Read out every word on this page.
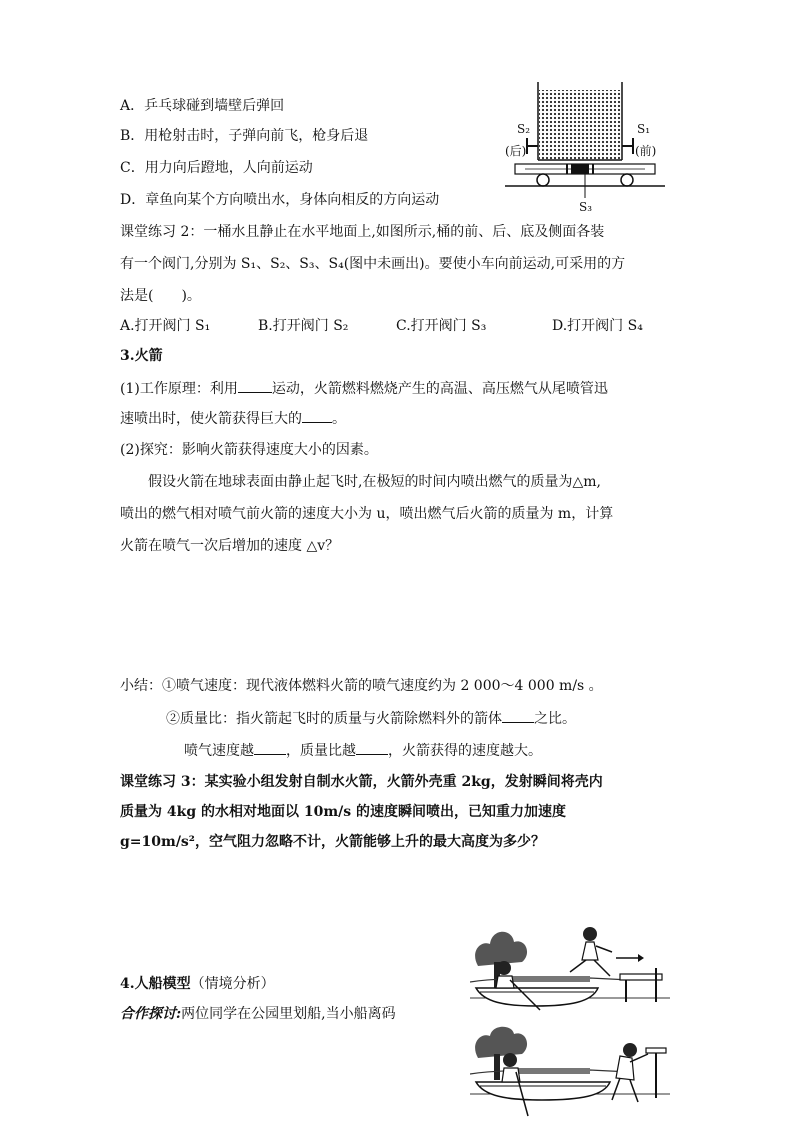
A．乒乓球碰到墙壁后弹回
B．用枪射击时，子弹向前飞，枪身后退
C．用力向后蹬地，人向前运动
D．章鱼向某个方向喷出水，身体向相反的方向运动
S₂
(后)
S₁
(前)
S₃
课堂练习 2：一桶水且静止在水平地面上,如图所示,桶的前、后、底及侧面各装
有一个阀门,分别为 S₁、S₂、S₃、S₄(图中未画出)。要使小车向前运动,可采用的方
法是(　　)。
A.打开阀门 S₁	B.打开阀门 S₂	C.打开阀门 S₃	D.打开阀门 S₄
3.火箭
(1)工作原理：利用 运动，火箭燃料燃烧产生的高温、高压燃气从尾喷管迅
速喷出时，使火箭获得巨大的 。
(2)探究：影响火箭获得速度大小的因素。
假设火箭在地球表面由静止起飞时,在极短的时间内喷出燃气的质量为△m,
喷出的燃气相对喷气前火箭的速度大小为 u，喷出燃气后火箭的质量为 m，计算
火箭在喷气一次后增加的速度 △v？
小结：①喷气速度：现代液体燃料火箭的喷气速度约为 2 000～4 000 m/s 。
②质量比：指火箭起飞时的质量与火箭除燃料外的箭体 之比。
喷气速度越 ，质量比越 ，火箭获得的速度越大。
课堂练习 3：某实验小组发射自制水火箭，火箭外壳重 2kg，发射瞬间将壳内
质量为 4kg 的水相对地面以 10m/s 的速度瞬间喷出，已知重力加速度
g=10m/s²，空气阻力忽略不计，火箭能够上升的最大高度为多少？
4.人船模型（情境分析）
合作探讨:两位同学在公园里划船,当小船离码
